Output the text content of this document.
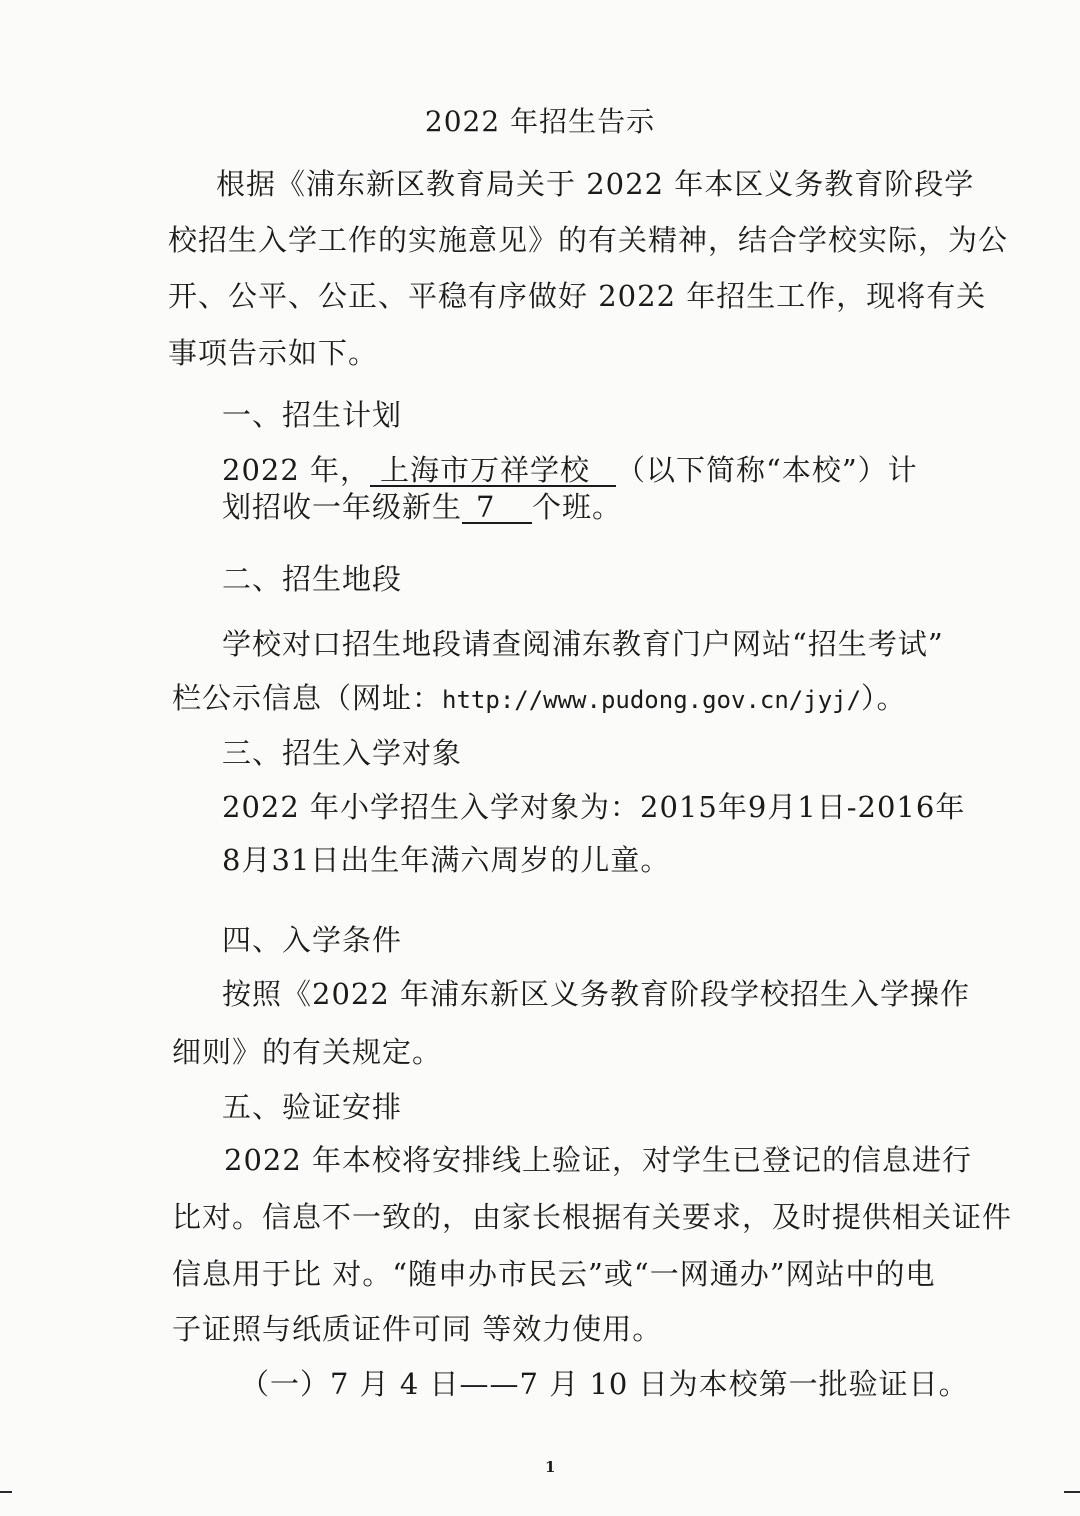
2022 年招生告示
根据《浦东新区教育局关于 2022 年本区义务教育阶段学
校招生入学工作的实施意见》的有关精神，结合学校实际，为公
开、公平、公正、平稳有序做好 2022 年招生工作，现将有关
事项告示如下。
一、招生计划
2022 年， 上海市万祥学校 （以下简称“本校”）计
划招收一年级新生 7 个班。
二、招生地段
学校对口招生地段请查阅浦东教育门户网站“招生考试”
栏公示信息（网址：http://www.pudong.gov.cn/jyj/）。
三、招生入学对象
2022 年小学招生入学对象为：2015年9月1日-2016年
8月31日出生年满六周岁的儿童。
四、入学条件
按照《2022 年浦东新区义务教育阶段学校招生入学操作
细则》的有关规定。
五、验证安排
2022 年本校将安排线上验证，对学生已登记的信息进行
比对。信息不一致的，由家长根据有关要求，及时提供相关证件
信息用于比 对。“随申办市民云”或“一网通办”网站中的电
子证照与纸质证件可同 等效力使用。
（一）7 月 4 日——7 月 10 日为本校第一批验证日。
1
